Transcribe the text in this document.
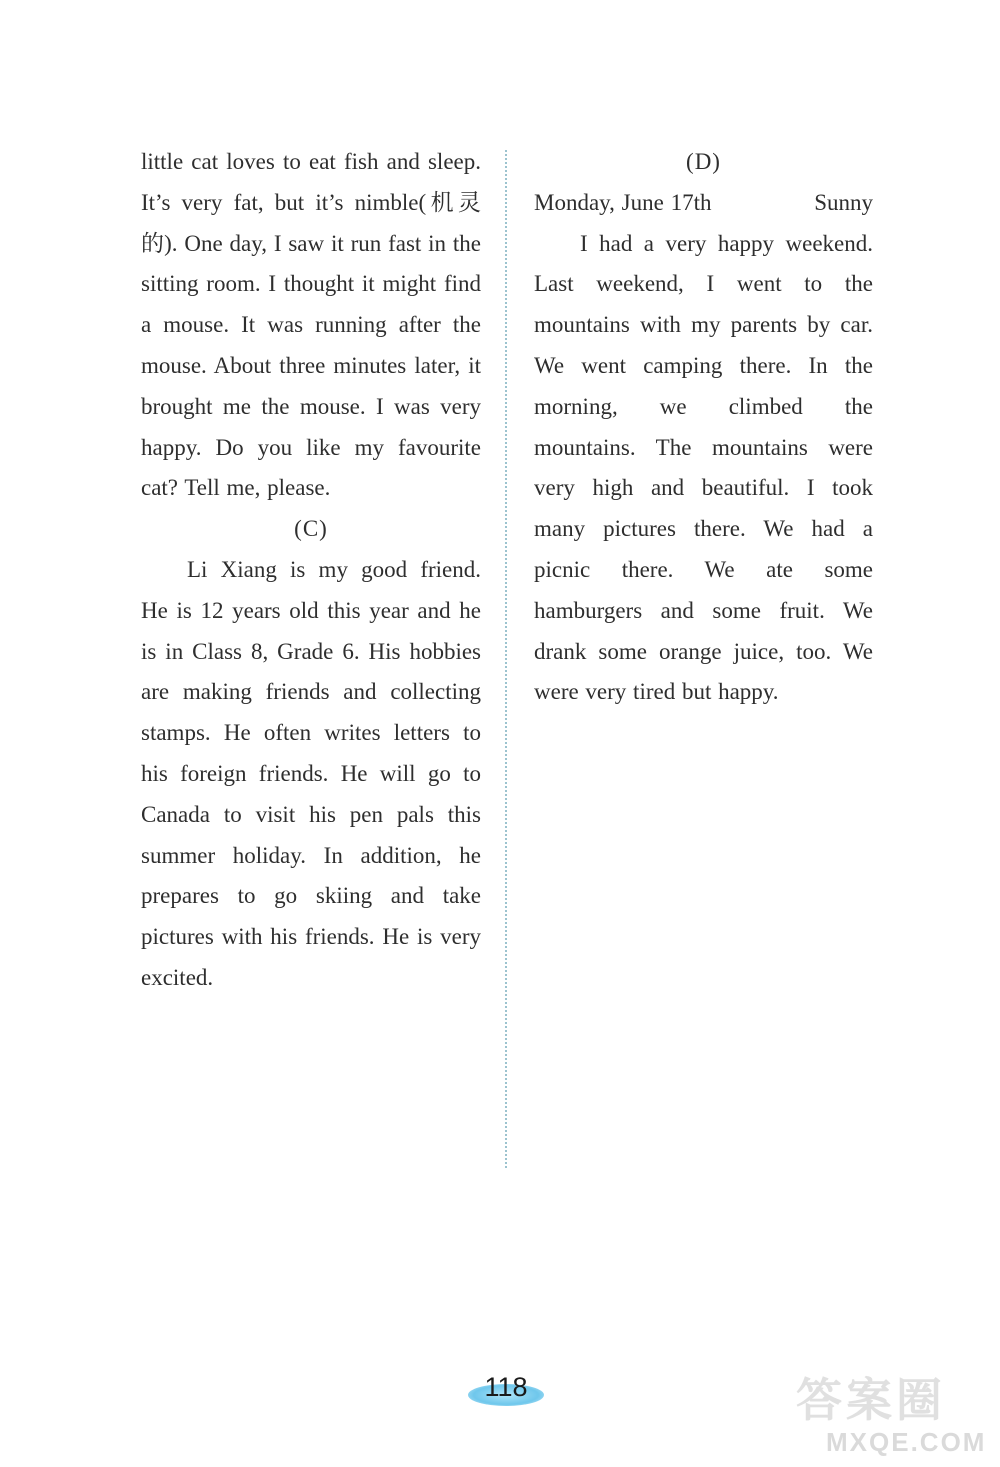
little cat loves to eat fish and sleep. It’s very fat, but it’s nimble(机灵的). One day, I saw it run fast in the sitting room. I thought it might find a mouse. It was running after the mouse. About three minutes later, it brought me the mouse. I was very happy. Do you like my favourite cat? Tell me, please.

(C)

Li Xiang is my good friend. He is 12 years old this year and he is in Class 8, Grade 6. His hobbies are making friends and collecting stamps. He often writes letters to his foreign friends. He will go to Canada to visit his pen pals this summer holiday. In addition, he prepares to go skiing and take pictures with his friends. He is very excited.

(D)

Monday, June 17th	Sunny

I had a very happy weekend. Last weekend, I went to the mountains with my parents by car. We went camping there. In the morning, we climbed the mountains. The mountains were very high and beautiful. I took many pictures there. We had a picnic there. We ate some hamburgers and some fruit. We drank some orange juice, too. We were very tired but happy.

118	答案圈
MXQE.COM
